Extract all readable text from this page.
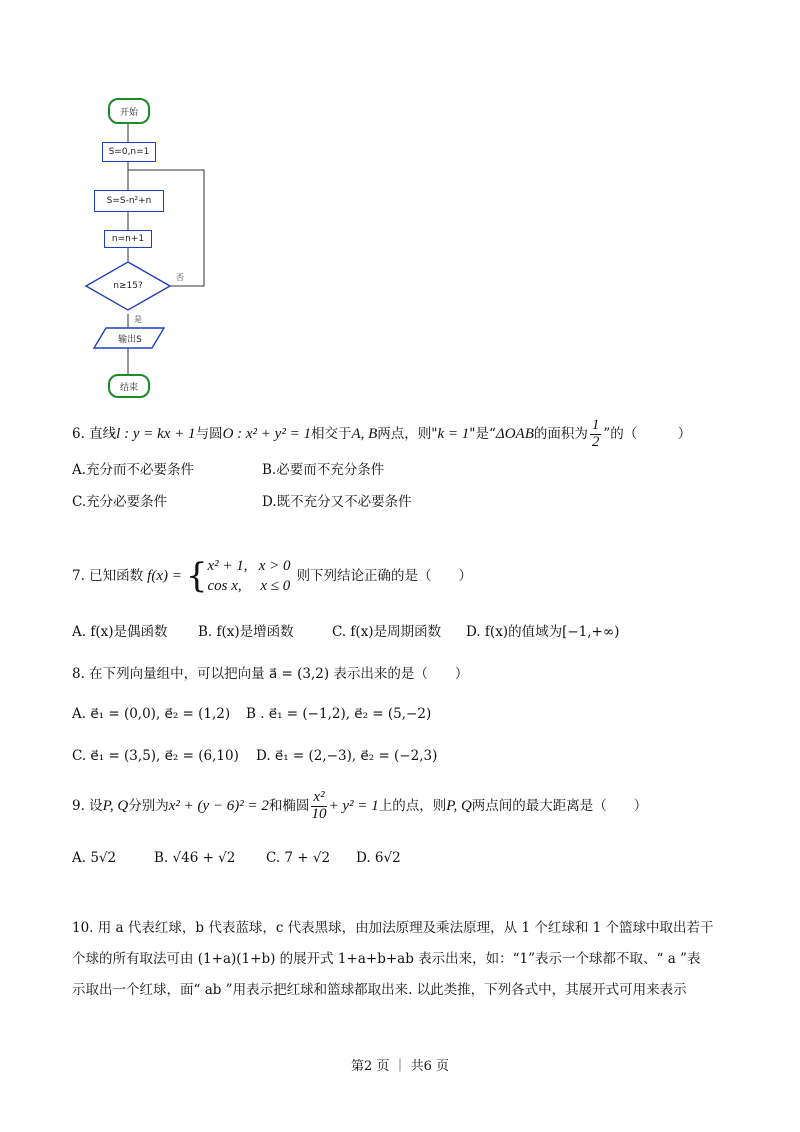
开始
S=0,n=1
S=S-n²+n
n=n+1
n≥15?
否
是
输出S
结束
6. 直线l : y = kx + 1与圆O : x² + y² = 1相交于A, B两点，则"k = 1"是“ΔOAB的面积为 $\frac{1}{2}$ ”的（　　　）
A.充分而不必要条件	B.必要而不充分条件
C.充分必要条件	D.既不充分又不必要条件
7. 已知函数 f(x) = { x² + 1,   x > 0
cos x,     x ≤ 0
则下列结论正确的是（　　）
A. f(x)是偶函数 B. f(x)是增函数	C. f(x)是周期函数 D. f(x)的值域为[−1,+∞)
8. 在下列向量组中，可以把向量 a⃗ = (3,2) 表示出来的是（　　）
A. e⃗₁ = (0,0), e⃗₂ = (1,2) B . e⃗₁ = (−1,2), e⃗₂ = (5,−2)
C. e⃗₁ = (3,5), e⃗₂ = (6,10) D. e⃗₁ = (2,−3), e⃗₂ = (−2,3)
9. 设 P, Q 分别为 x² + (y − 6)² = 2 和椭圆 $\frac{\text{x²}}{10} + y^2 = 1$ 上的点，则 P, Q 两点间的最大距离是（　　）
A. 5√2	B. √46 + √2 C. 7 + √2 D. 6√2
10. 用 a 代表红球，b 代表蓝球，c 代表黑球，由加法原理及乘法原理，从 1 个红球和 1 个篮球中取出若干
个球的所有取法可由 (1+a)(1+b) 的展开式 1+a+b+ab 表示出来，如：“1”表示一个球都不取、“ a ”表
示取出一个红球，面“ ab ”用表示把红球和篮球都取出来. 以此类推，下列各式中，其展开式可用来表示
第2 页 ｜ 共6 页
